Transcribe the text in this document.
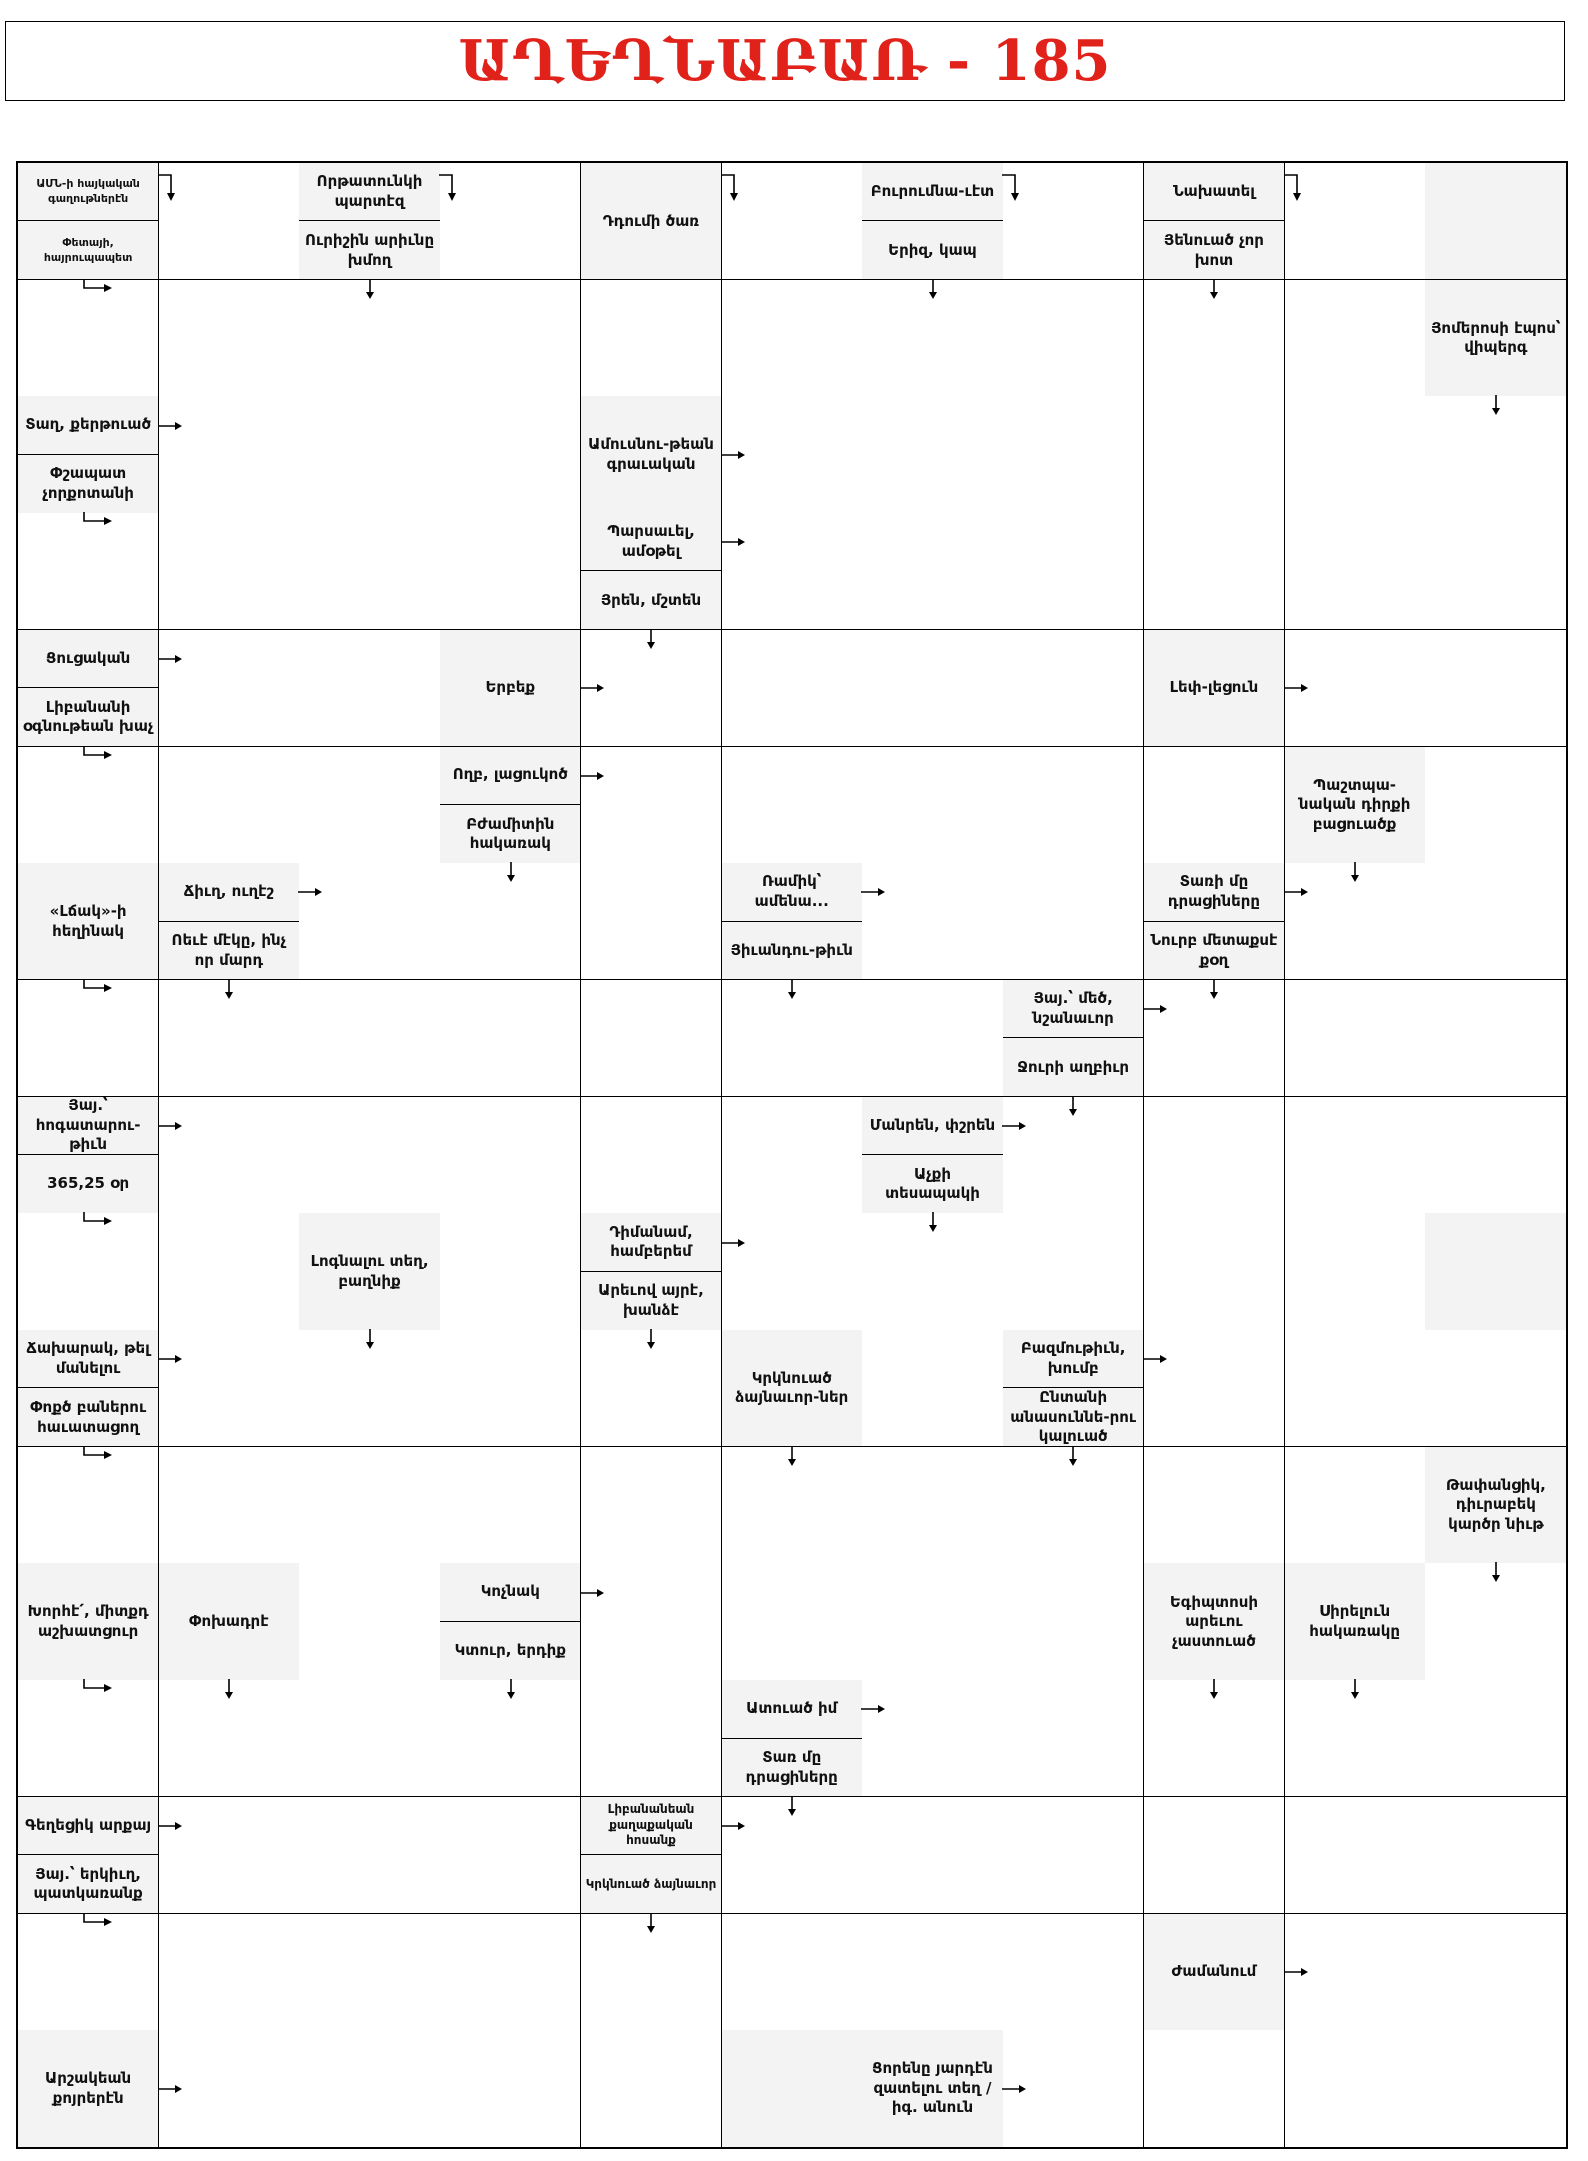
ԱՂԵՂՆԱԲԱՌ - 185
ԱՄՆ-ի հայկական գաղութներէն
Փետայի, հայրուպապետ
Որթատունկի պարտէզ
Ուրիշին արիւնը խմող
Դդումի ծառ
Բուրումնա-ւէտ
Երիզ, կապ
Նախատել
Յենուած չոր խոտ
Յոմերոսի էպոս՝ վիպերգ
Տաղ, քերթուած
Փշապատ չորքոտանի
Ամուսնու-թեան գրաւական
Պարսաւել, ամօթել
Յրեն, մշտեն
Ցուցական
Լիբանանի օգնութեան խաչ
Երբեք	Լեփ-լեցուն
Ողբ, լացուկոծ
Բժամիտին հակառակ
Պաշտպա-նական դիրքի բացուածք
«Լճակ»-ի հեղինակ
Ճիւղ, ուղէշ
Ոեւէ մէկը, ինչ որ մարդ
Ռամիկ՝ ամենա...
Յիւանդու-թիւն
Տառի մը դրացիները
Նուրբ մետաքսէ քօղ
Յայ.՝ մեծ, նշանաւոր
Ջուրի աղբիւր
Յայ.՝ հոգատարու-թիւն
365,25 օր
Մանրեն, փշրեն
Աչքի տեսապակի
Լոգնալու տեղ, բաղնիք
Դիմանամ, համբերեմ
Արեւով այրէ, խանձէ
Ճախարակ, թել մանելու
Փոքծ բաներու հաւատացող
Կրկնուած ձայնաւոր-ներ
Բազմութիւն, խումբ
Ընտանի անասուննե-րու կալուած
Թափանցիկ, դիւրաբեկ կարծր նիւթ
Խորհէ՛, միտքդ աշխատցուր
Փոխադրէ
Կոչնակ
Կտուր, երդիք
Եգիպտոսի արեւու չաստուած
Սիրելուն հակառակը
Ատուած իմ
Տառ մը դրացիները
Գեղեցիկ արքայ
Յայ.՝ երկիւղ, պատկառանք
Լիբանանեան քաղաքական հոսանք
Կրկնուած ձայնաւոր
Ժամանում
Արշակեան քոյրերէն
Ցորենը յարդէն զատելու տեղ / իգ. անուն
